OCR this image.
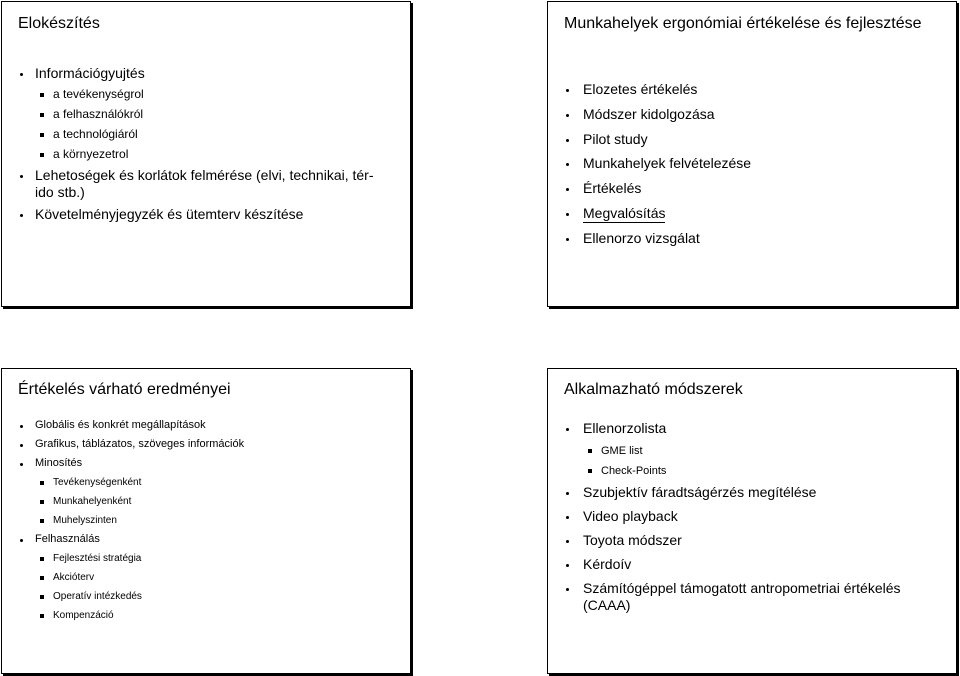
Elokészítés
Információgyujtés
a tevékenységrol
a felhasználókról
a technológiáról
a környezetrol
Lehetoségek és korlátok felmérése (elvi, technikai, tér-ido stb.)
Követelményjegyzék és ütemterv készítése
Munkahelyek ergonómiai értékelése és fejlesztése
Elozetes értékelés
Módszer kidolgozása
Pilot study
Munkahelyek felvételezése
Értékelés
Megvalósítás
Ellenorzo vizsgálat
Értékelés várható eredményei
Globális és konkrét megállapítások
Grafikus, táblázatos, szöveges információk
Minosítés
Tevékenységenként
Munkahelyenként
Muhelyszinten
Felhasználás
Fejlesztési stratégia
Akcióterv
Operatív intézkedés
Kompenzáció
Alkalmazható módszerek
Ellenorzolista
GME list
Check-Points
Szubjektív fáradtságérzés megítélése
Video playback
Toyota módszer
Kérdoív
Számítógéppel támogatott antropometriai értékelés (CAAA)
